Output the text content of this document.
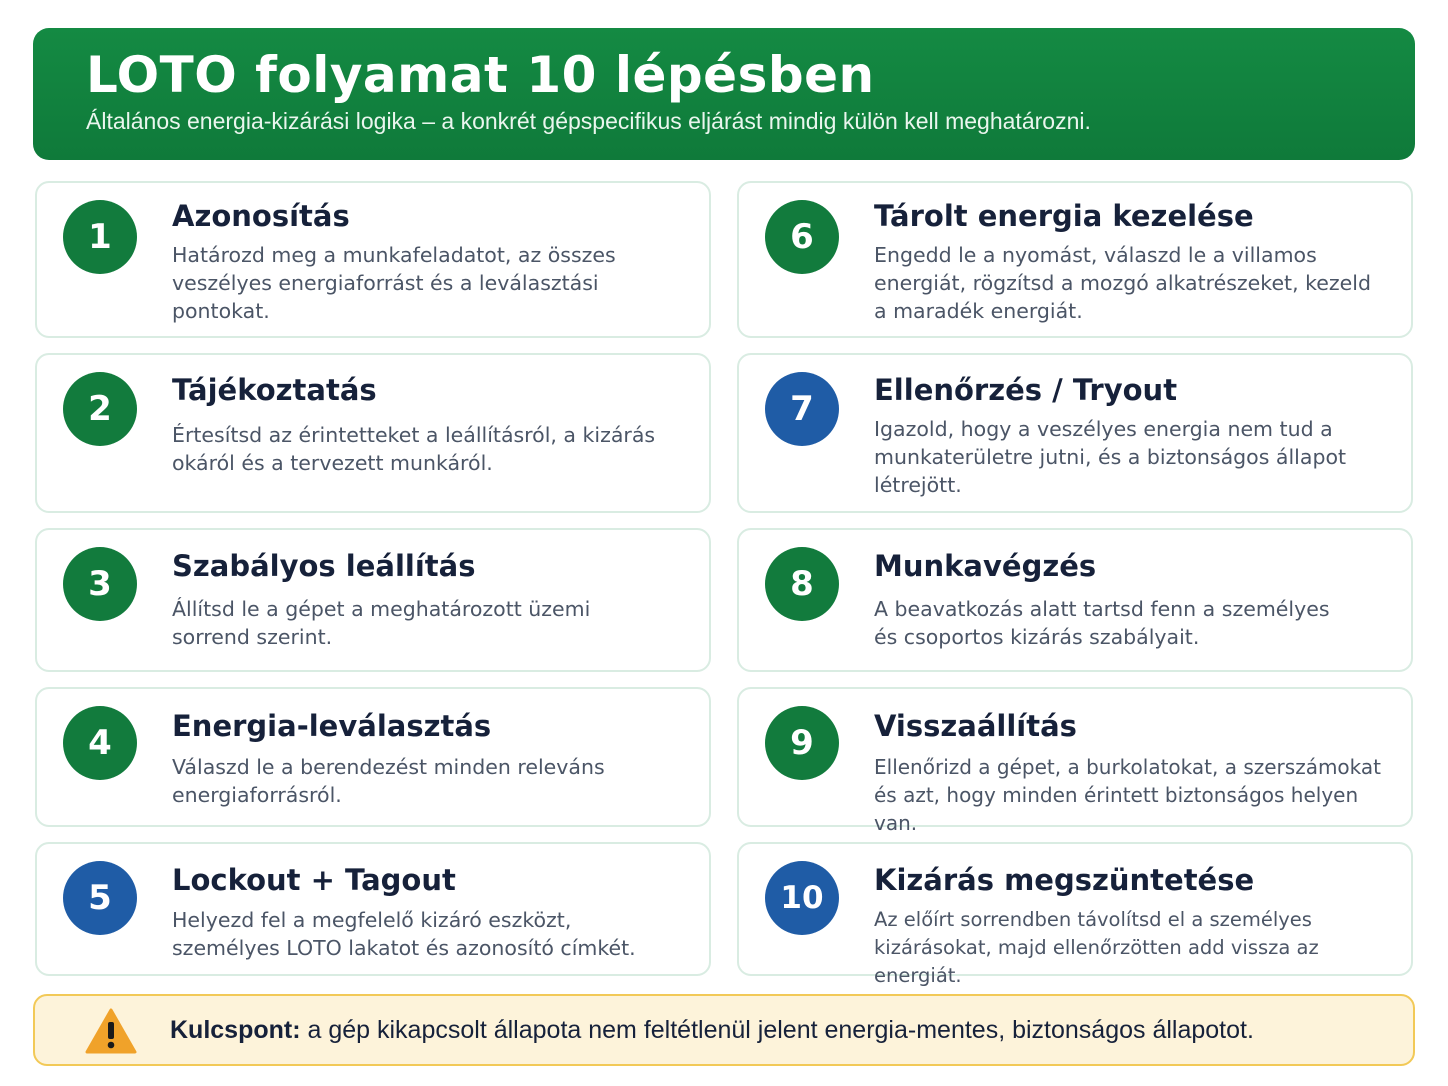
LOTO folyamat 10 lépésben

Általános energia-kizárási logika – a konkrét gépspecifikus eljárást mindig külön kell meghatározni.

1
Azonosítás

Határozd meg a munkafeladatot, az összes veszélyes energiaforrást és a leválasztási pontokat.

2	Tájékoztatás

Értesítsd az érintetteket a leállításról, a kizárás okáról és a tervezett munkáról.

3	Szabályos leállítás

Állítsd le a gépet a meghatározott üzemi sorrend szerint.

4	Energia-leválasztás

Válaszd le a berendezést minden releváns energiaforrásról.

5	Lockout + Tagout

Helyezd fel a megfelelő kizáró eszközt, személyes LOTO lakatot és azonosító címkét.

6
Tárolt energia kezelése

Engedd le a nyomást, válaszd le a villamos energiát, rögzítsd a mozgó alkatrészeket, kezeld a maradék energiát.

7	Ellenőrzés / Tryout

Igazold, hogy a veszélyes energia nem tud a munkaterületre jutni, és a biztonságos állapot létrejött.

8	Munkavégzés

A beavatkozás alatt tartsd fenn a személyes és csoportos kizárás szabályait.

9	Visszaállítás

Ellenőrizd a gépet, a burkolatokat, a szerszámokat és azt, hogy minden érintett biztonságos helyen van.

10	Kizárás megszüntetése

Az előírt sorrendben távolítsd el a személyes kizárásokat, majd ellenőrzötten add vissza az energiát.

Kulcspont: a gép kikapcsolt állapota nem feltétlenül jelent energia-mentes, biztonságos állapotot.
